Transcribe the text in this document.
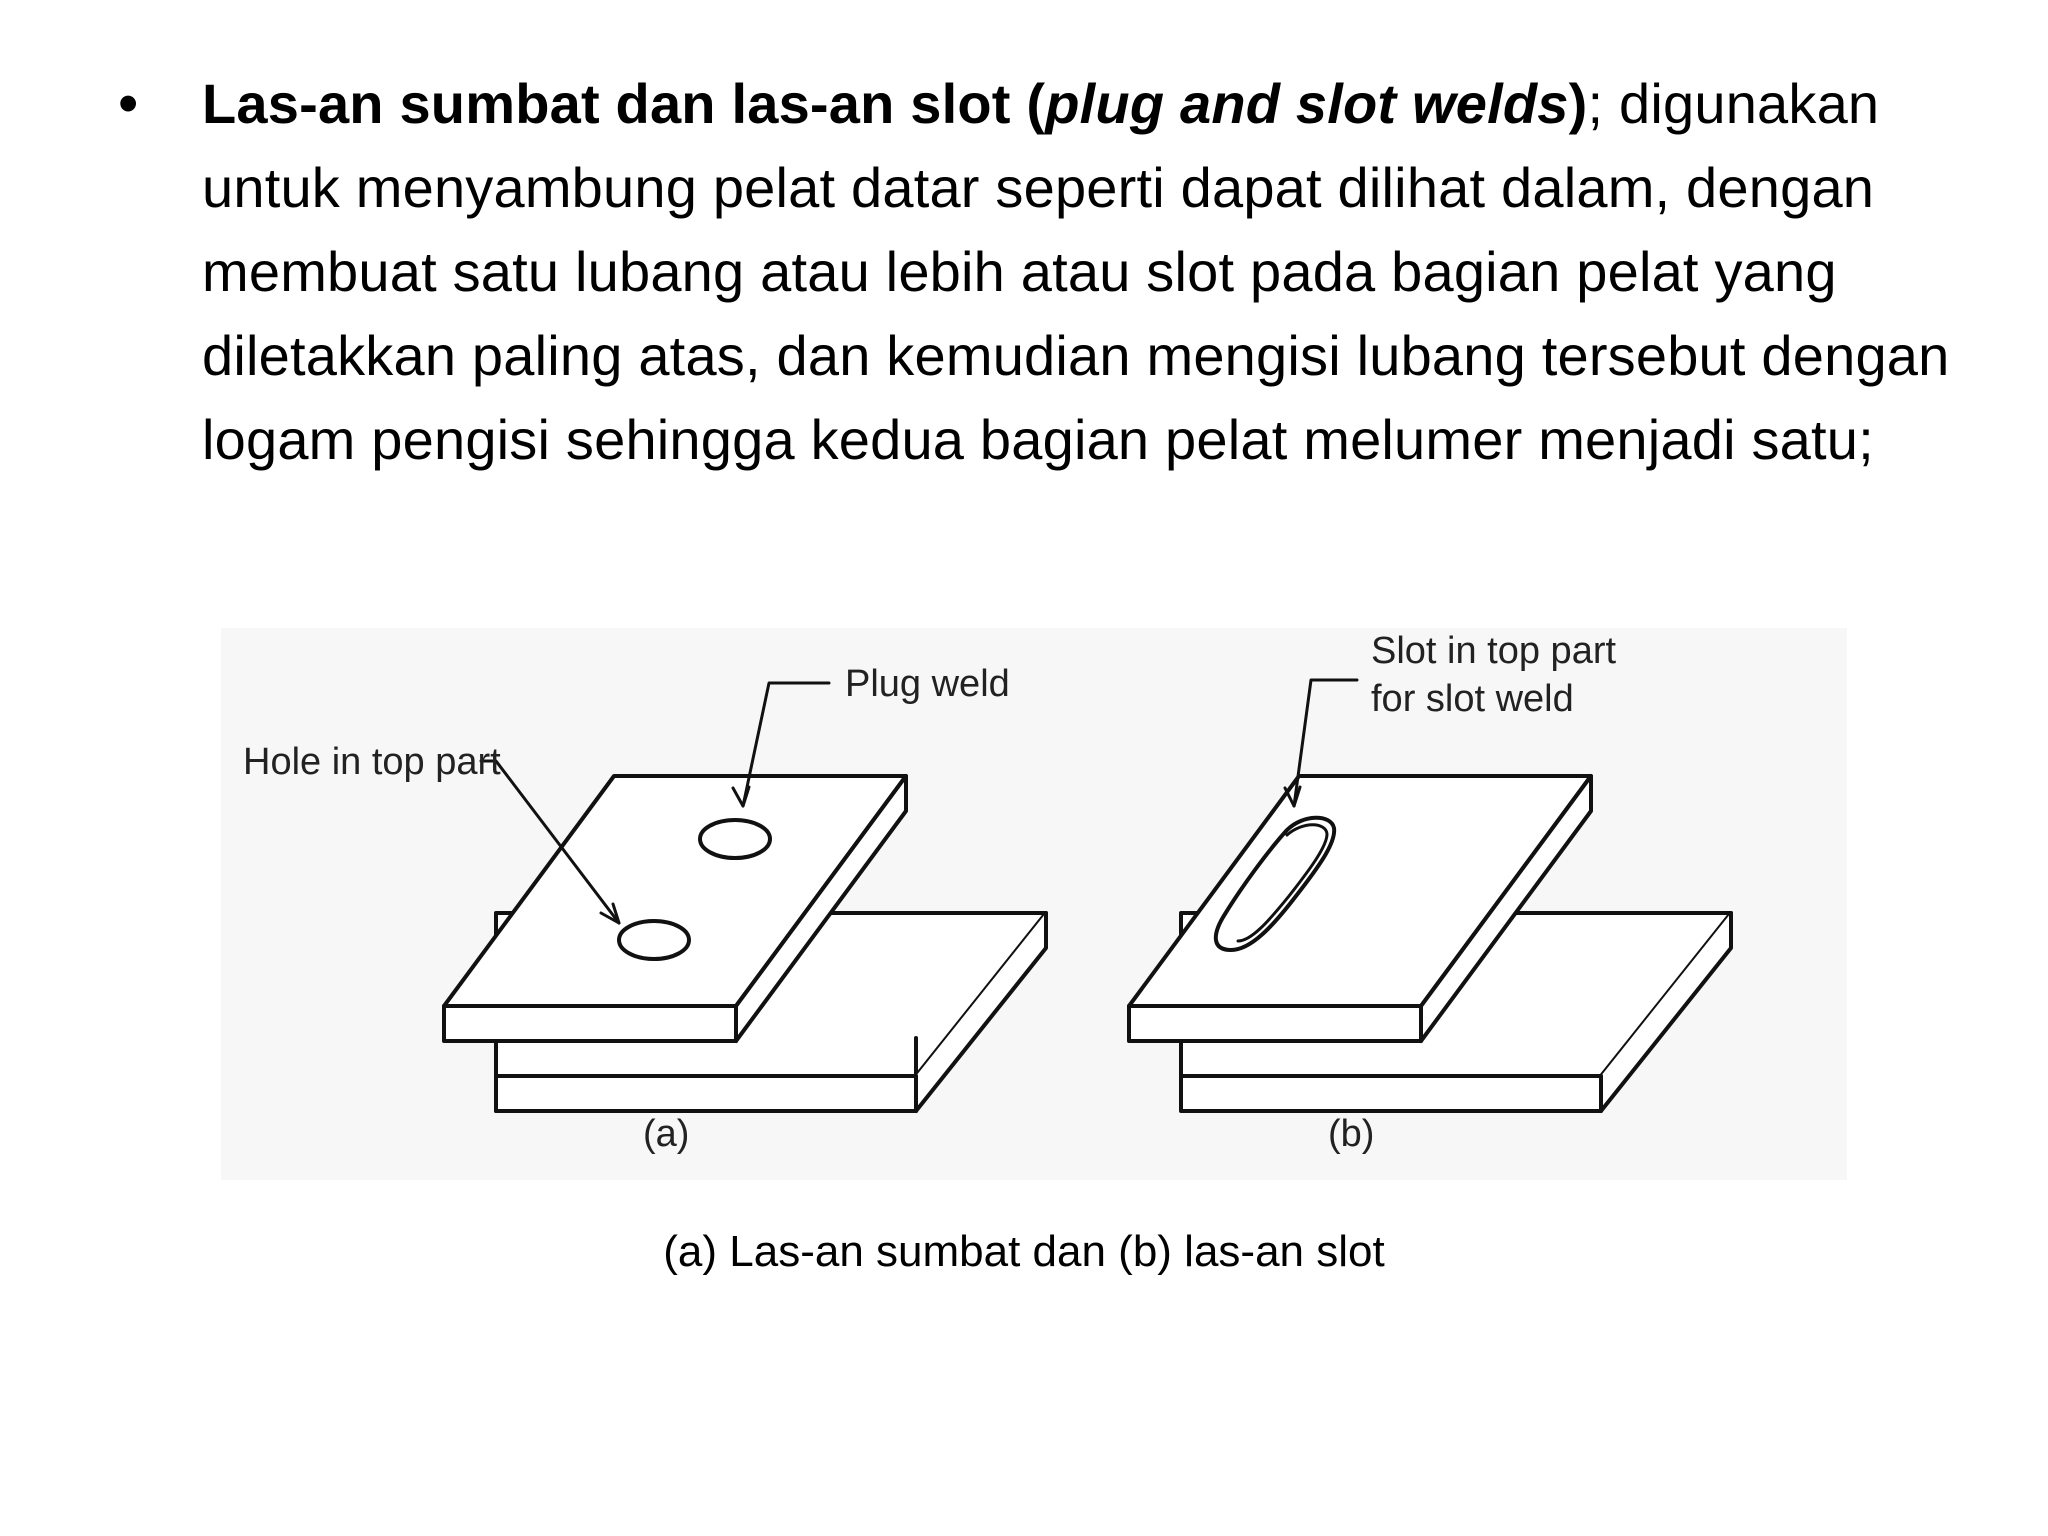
• Las-an sumbat dan las-an slot (plug and slot welds); digunakan untuk menyambung pelat datar seperti dapat dilihat dalam, dengan membuat satu lubang atau lebih atau slot pada bagian pelat yang diletakkan paling atas, dan kemudian mengisi lubang tersebut dengan logam pengisi sehingga kedua bagian pelat melumer menjadi satu;
Plug weld
Hole in top part
Slot in top part
for slot weld
(a)	(b)
(a) Las-an sumbat dan (b) las-an slot
